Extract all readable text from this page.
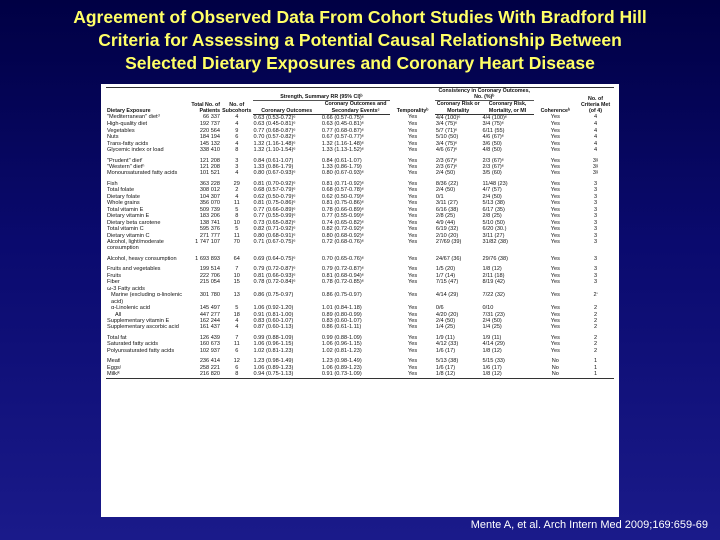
Agreement of Observed Data From Cohort Studies With Bradford Hill
Criteria for Assessing a Potential Causal Relationship Between
Selected Dietary Exposures and Coronary Heart Disease
Dietary Exposure	Total No. of Patients	No. of Subcohorts	Strength, Summary RR (95% CI)ᵇ		Temporalityᵇ	Consistency in Coronary Outcomes, No. (%)ᵇ		Coherenceᵇ	No. of Criteria Met (of 4)
			Coronary Outcomes	Coronary Outcomes and Secondary Eventsᶜ		Coronary Risk or Mortality	Coronary Risk, Mortality, or MI		
"Mediterranean" dietᵈ	66 337	4	0.63 (0.53-0.72)ᵉ	0.66 (0.57-0.75)ᵉ	Yes	4/4 (100)ᵉ	4/4 (100)ᵉ	Yes	4
High-quality diet	192 737	4	0.63 (0.45-0.81)ᵉ	0.63 (0.45-0.81)ᵉ	Yes	3/4 (75)ᵉ	3/4 (75)ᵉ	Yes	4
Vegetables	220 564	9	0.77 (0.68-0.87)ᵉ	0.77 (0.68-0.87)ᵉ	Yes	5/7 (71)ᵉ	6/11 (55)	Yes	4
Nuts	184 194	6	0.70 (0.57-0.82)ᵉ	0.67 (0.57-0.77)ᵉ	Yes	5/10 (50)	4/6 (67)ᵉ	Yes	4
Trans-fatty acids	145 132	4	1.32 (1.16-1.48)ᵉ	1.32 (1.16-1.48)ᵉ	Yes	3/4 (75)ᵉ	3/6 (50)	Yes	4
Glycemic index or load	338 410	8	1.32 (1.10-1.54)ᵉ	1.33 (1.13-1.52)ᵉ	Yes	4/6 (67)ᵉ	4/8 (50)	Yes	4

"Prudent" dietᶠ	121 208	3	0.84 (0.61-1.07)	0.84 (0.61-1.07)	Yes	2/3 (67)ᵉ	2/3 (67)ᵉ	Yes	3ᵍ
"Western" dietʰ	121 208	3	1.33 (0.86-1.79)	1.33 (0.86-1.79)	Yes	2/3 (67)ᵉ	2/3 (67)ᵉ	Yes	3ᵍ
Monounsaturated fatty acids	101 521	4	0.80 (0.67-0.93)ᵉ	0.80 (0.67-0.93)ᵉ	Yes	2/4 (50)	3/5 (60)	Yes	3ᵍ

Fish	363 228	29	0.81 (0.70-0.92)ᵉ	0.81 (0.71-0.92)ᵉ	Yes	8/36 (22)	11/48 (23)	Yes	3
Total folate	308 012	2	0.68 (0.57-0.79)ᵉ	0.68 (0.57-0.78)ᵉ	Yes	2/4 (50)	4/7 (57)	Yes	3
Dietary folate	104 307	4	0.62 (0.50-0.79)ᵉ	0.62 (0.50-0.79)ᵉ	Yes	0/1	2/4 (50)	Yes	3
Whole grains	356 070	11	0.81 (0.75-0.86)ᵉ	0.81 (0.75-0.86)ᵉ	Yes	3/11 (27)	5/13 (38)	Yes	3
Total vitamin E	509 739	5	0.77 (0.66-0.89)ᵉ	0.78 (0.66-0.89)ᵉ	Yes	6/16 (38)	6/17 (35)	Yes	3
Dietary vitamin E	183 206	8	0.77 (0.55-0.99)ᵉ	0.77 (0.55-0.99)ᵉ	Yes	2/8 (25)	2/8 (25)	Yes	3
Dietary beta carotene	138 741	10	0.73 (0.65-0.82)ᵉ	0.74 (0.65-0.82)ᵉ	Yes	4/9 (44)	5/10 (50)	Yes	3
Total vitamin C	595 376	5	0.82 (0.71-0.92)ᵉ	0.82 (0.72-0.92)ᵉ	Yes	6/19 (32)	6/20 (30.)	Yes	3
Dietary vitamin C	271 777	11	0.80 (0.68-0.91)ᵉ	0.80 (0.68-0.92)ᵉ	Yes	2/10 (20)	3/11 (27)	Yes	3
Alcohol, light/moderate consumption	1 747 107	70	0.71 (0.67-0.75)ᵉ	0.72 (0.68-0.76)ᵉ	Yes	27/69 (39)	31/82 (38)	Yes	3

Alcohol, heavy consumption	1 693 893	64	0.69 (0.64-0.75)ᵉ	0.70 (0.65-0.76)ᵉ	Yes	24/67 (36)	29/76 (38)	Yes	3

Fruits and vegetables	199 514	7	0.79 (0.72-0.87)ᵉ	0.79 (0.72-0.87)ᵉ	Yes	1/5 (20)	1/8 (12)	Yes	3
Fruits	222 706	10	0.81 (0.66-0.93)ᵉ	0.81 (0.68-0.94)ᵉ	Yes	1/7 (14)	2/11 (18)	Yes	3
Fiber	215 054	15	0.78 (0.72-0.84)ᵉ	0.78 (0.72-0.85)ᵉ	Yes	7/15 (47)	8/19 (42)	Yes	3
ω-3 Fatty acids									
Marine (excluding α-linolenic acid)	301 780	13	0.86 (0.75-0.97)	0.86 (0.75-0.97)	Yes	4/14 (29)	7/22 (32)	Yes	2ⁱ
α-Linolenic acid	145 497	5	1.06 (0.92-1.20)	1.01 (0.84-1.18)	Yes	0/6	0/10	Yes	2
All	447 277	18	0.91 (0.81-1.00)	0.89 (0.80-0.99)	Yes	4/20 (20)	7/31 (23)	Yes	2
Supplementary vitamin E	162 244	4	0.83 (0.60-1.07)	0.83 (0.60-1.07)	Yes	2/4 (50)	2/4 (50)	Yes	2
Supplementary ascorbic acid	161 437	4	0.87 (0.60-1.13)	0.86 (0.61-1.11)	Yes	1/4 (25)	1/4 (25)	Yes	2

Total fat	126 439	7	0.99 (0.88-1.09)	0.99 (0.88-1.09)	Yes	1/9 (11)	1/9 (11)	Yes	2
Saturated fatty acids	160 673	11	1.06 (0.96-1.15)	1.06 (0.96-1.15)	Yes	4/12 (33)	4/14 (29)	Yes	2
Polyunsaturated fatty acids	102 937	6	1.02 (0.81-1.23)	1.02 (0.81-1.23)	Yes	1/6 (17)	1/8 (12)	Yes	2

Meatʲ	236 414	12	1.23 (0.98-1.49)	1.23 (0.98-1.49)	Yes	5/13 (38)	5/15 (33)	No	1
Eggsʲ	258 221	6	1.06 (0.89-1.23)	1.06 (0.89-1.23)	Yes	1/6 (17)	1/6 (17)	No	1
Milkʲᵏ	216 820	8	0.94 (0.75-1.13)	0.91 (0.73-1.09)	Yes	1/8 (12)	1/8 (12)	No	1
Mente A, et al. Arch Intern Med 2009;169:659-69
